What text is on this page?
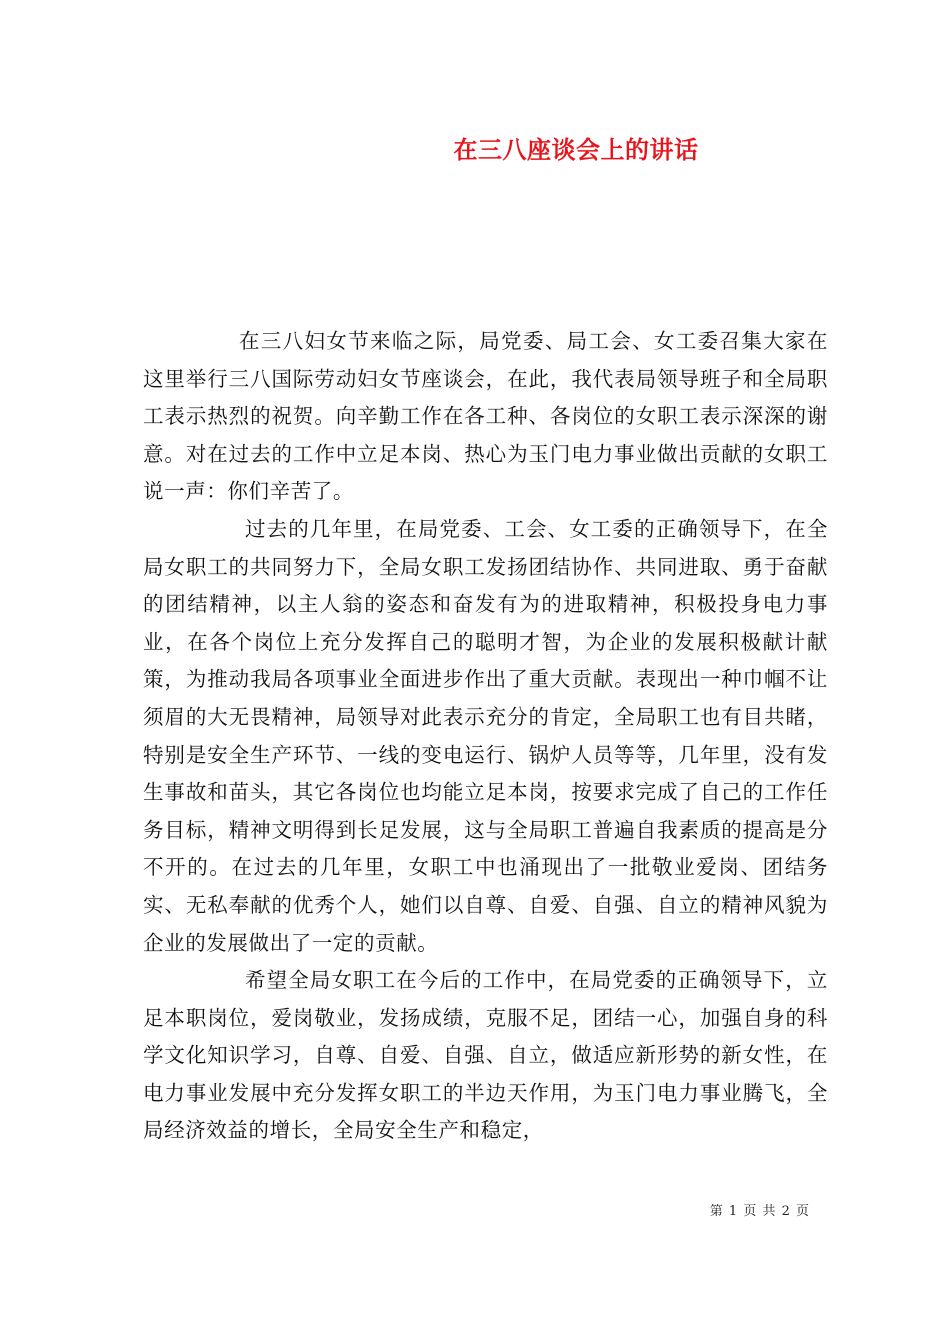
在三八座谈会上的讲话

在三八妇女节来临之际，局党委、局工会、女工委召集大家在这里举行三八国际劳动妇女节座谈会，在此，我代表局领导班子和全局职工表示热烈的祝贺。向辛勤工作在各工种、各岗位的女职工表示深深的谢意。对在过去的工作中立足本岗、热心为玉门电力事业做出贡献的女职工说一声：你们辛苦了。

过去的几年里，在局党委、工会、女工委的正确领导下，在全局女职工的共同努力下，全局女职工发扬团结协作、共同进取、勇于奋献的团结精神，以主人翁的姿态和奋发有为的进取精神，积极投身电力事业，在各个岗位上充分发挥自己的聪明才智，为企业的发展积极献计献策，为推动我局各项事业全面进步作出了重大贡献。表现出一种巾帼不让须眉的大无畏精神，局领导对此表示充分的肯定，全局职工也有目共睹，特别是安全生产环节、一线的变电运行、锅炉人员等等，几年里，没有发生事故和苗头，其它各岗位也均能立足本岗，按要求完成了自己的工作任务目标，精神文明得到长足发展，这与全局职工普遍自我素质的提高是分不开的。在过去的几年里，女职工中也涌现出了一批敬业爱岗、团结务实、无私奉献的优秀个人，她们以自尊、自爱、自强、自立的精神风貌为企业的发展做出了一定的贡献。

希望全局女职工在今后的工作中，在局党委的正确领导下，立足本职岗位，爱岗敬业，发扬成绩，克服不足，团结一心，加强自身的科学文化知识学习，自尊、自爱、自强、自立，做适应新形势的新女性，在电力事业发展中充分发挥女职工的半边天作用，为玉门电力事业腾飞，全局经济效益的增长，全局安全生产和稳定，

第 1 页 共 2 页
